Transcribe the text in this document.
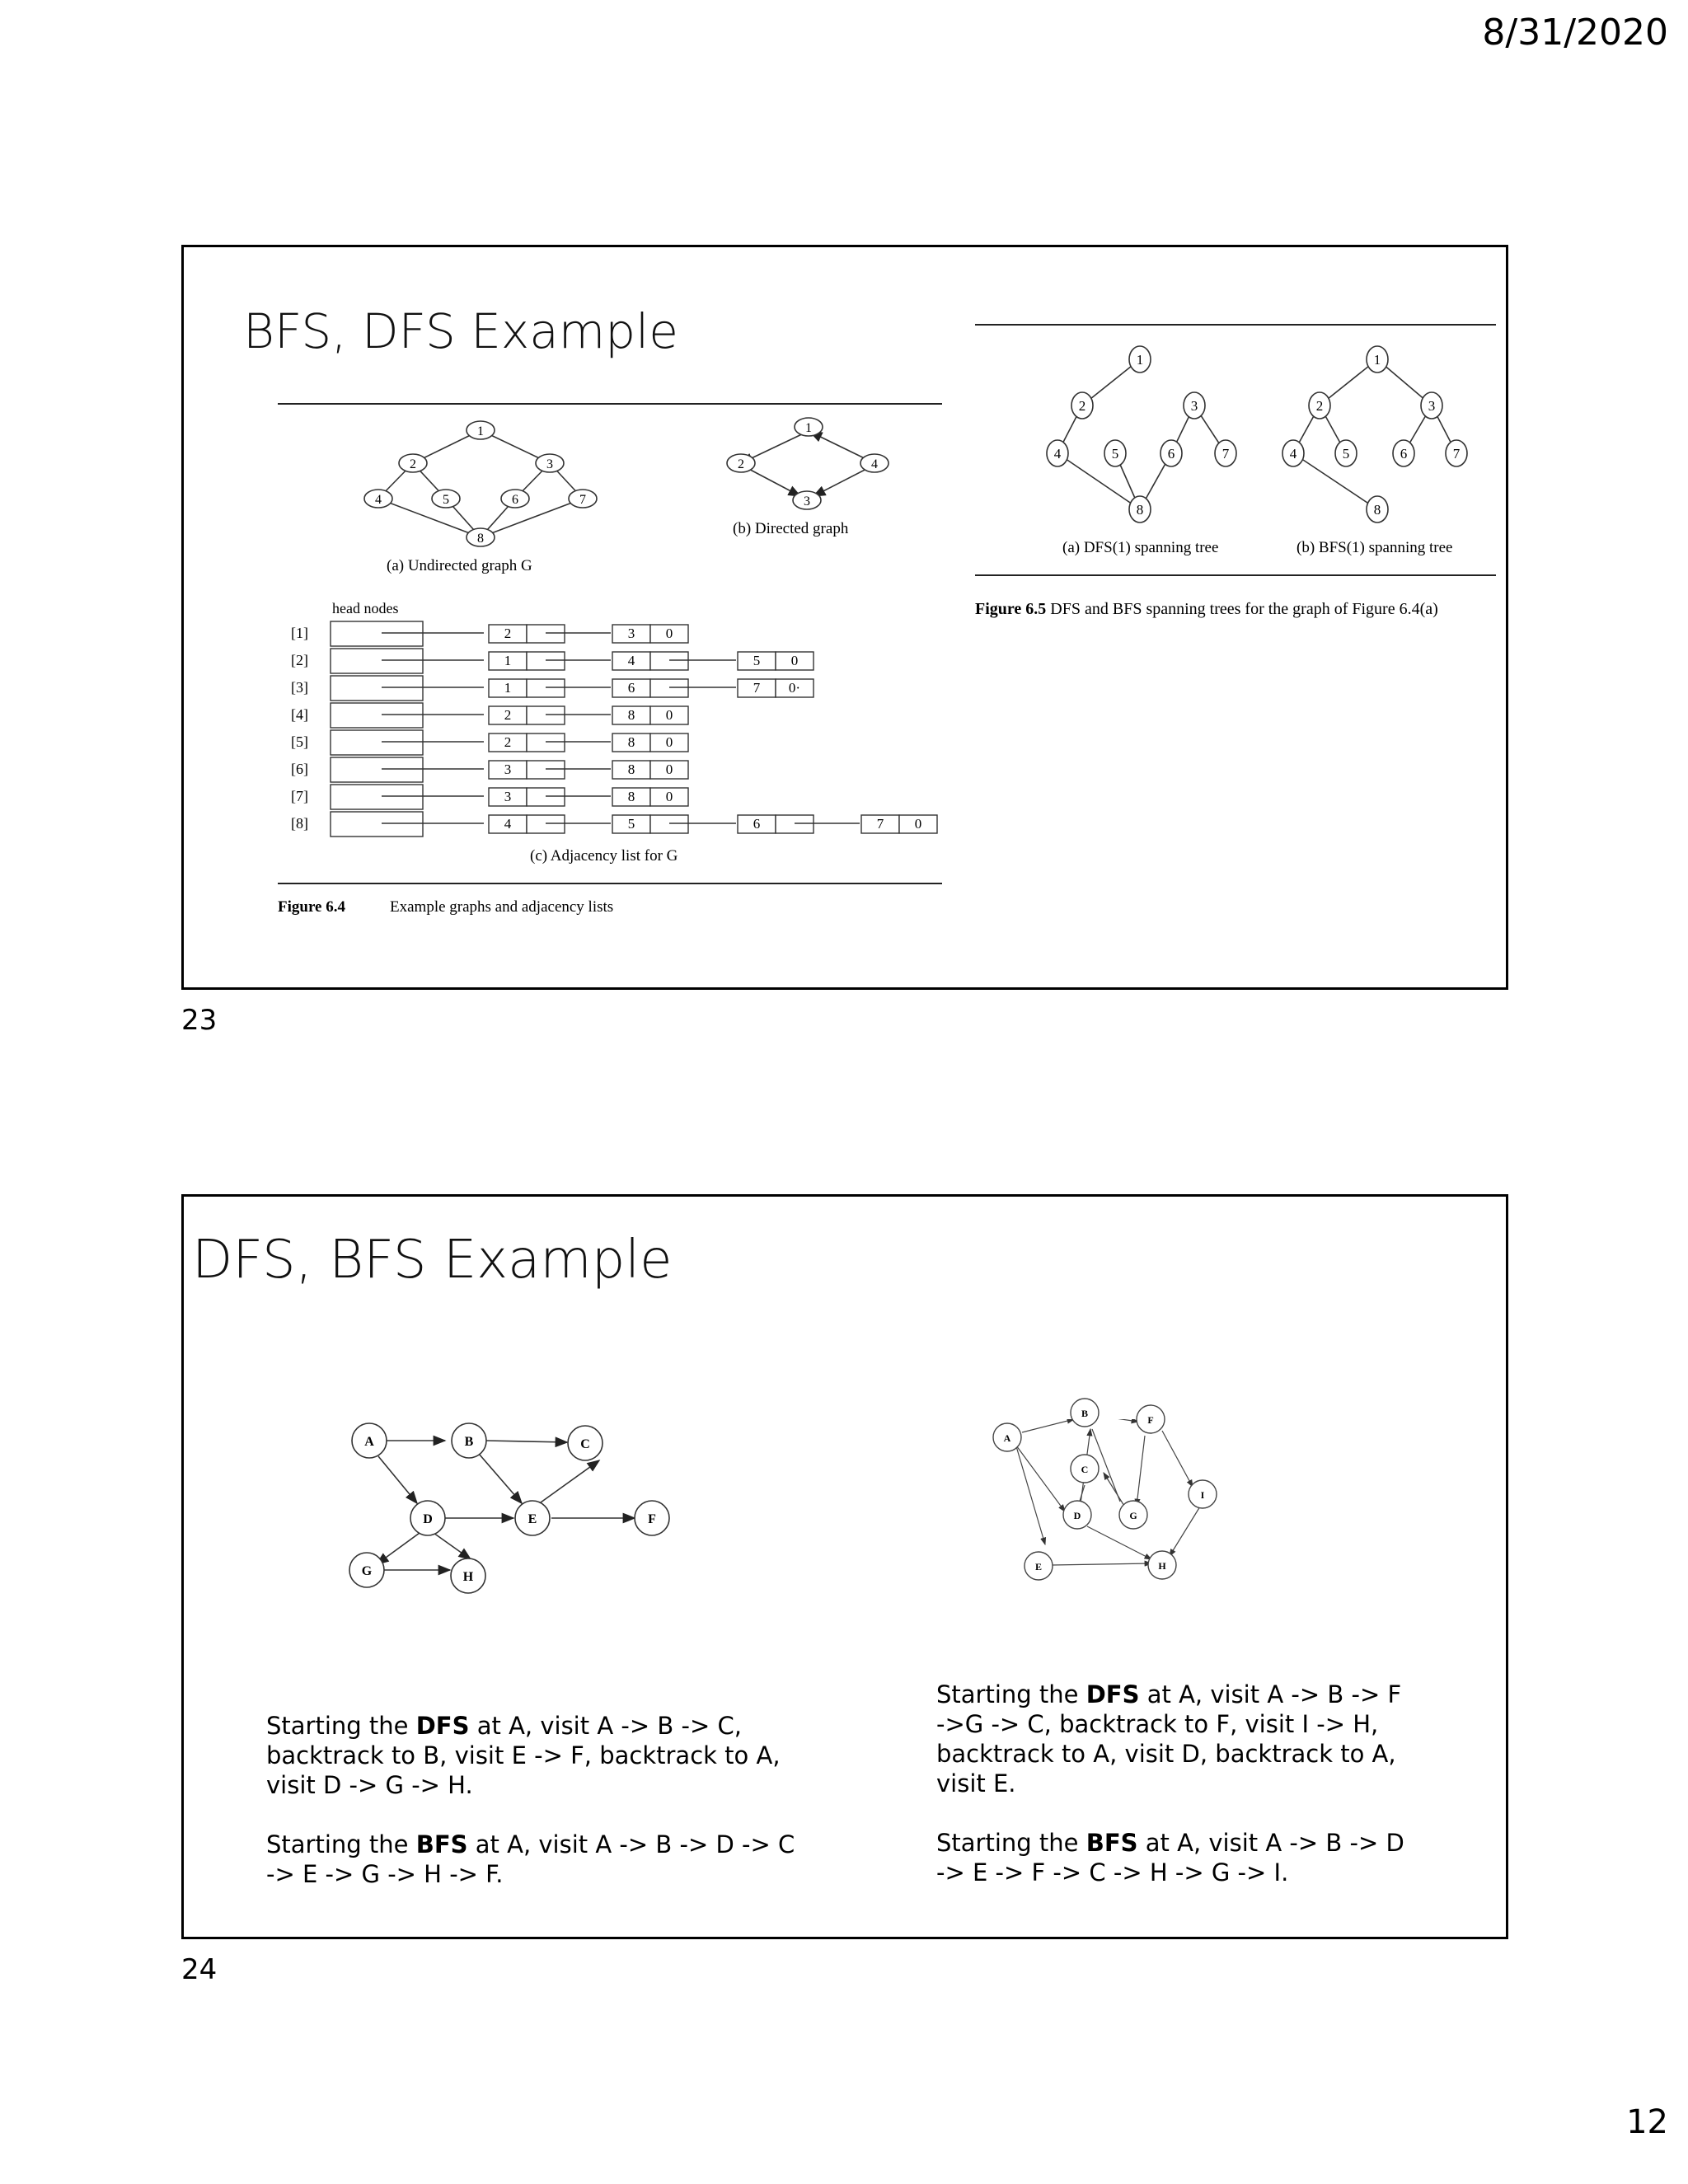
8/31/2020
12
BFS, DFS Example
1
2	3
4	5	6	7
8
(a) Undirected graph G
1
2
3
4
(b) Directed graph
head nodes
[1]	2	3 0
[2]	1	4	5 0
[3]	1	6	7 0·
[4]	2	8 0
[5]	2	8 0
[6]	3	8 0
[7]	3	8 0
[8]	4	5	6	7 0
(c) Adjacency list for G
Figure 6.4	Example graphs and adjacency lists
1
2	3
4	5	6	7
8
1
2	3
4	5	6	7
8
(a) DFS(1) spanning tree	(b) BFS(1) spanning tree
Figure 6.5 DFS and BFS spanning trees for the graph of Figure 6.4(a)
23
DFS, BFS Example
A	B	C
D	E	F
G	H
A
C
D
E
G
H
I
B
F

Starting the DFS at A, visit A -> B -> C,
backtrack to B, visit E -> F, backtrack to A,
visit D -> G -> H.

Starting the BFS at A, visit A -> B -> D -> C
-> E -> G -> H -> F.

Starting the DFS at A, visit A -> B -> F
->G -> C, backtrack to F, visit I -> H,
backtrack to A, visit D, backtrack to A,
visit E.

Starting the BFS at A, visit A -> B -> D
-> E -> F -> C -> H -> G -> I.

24
